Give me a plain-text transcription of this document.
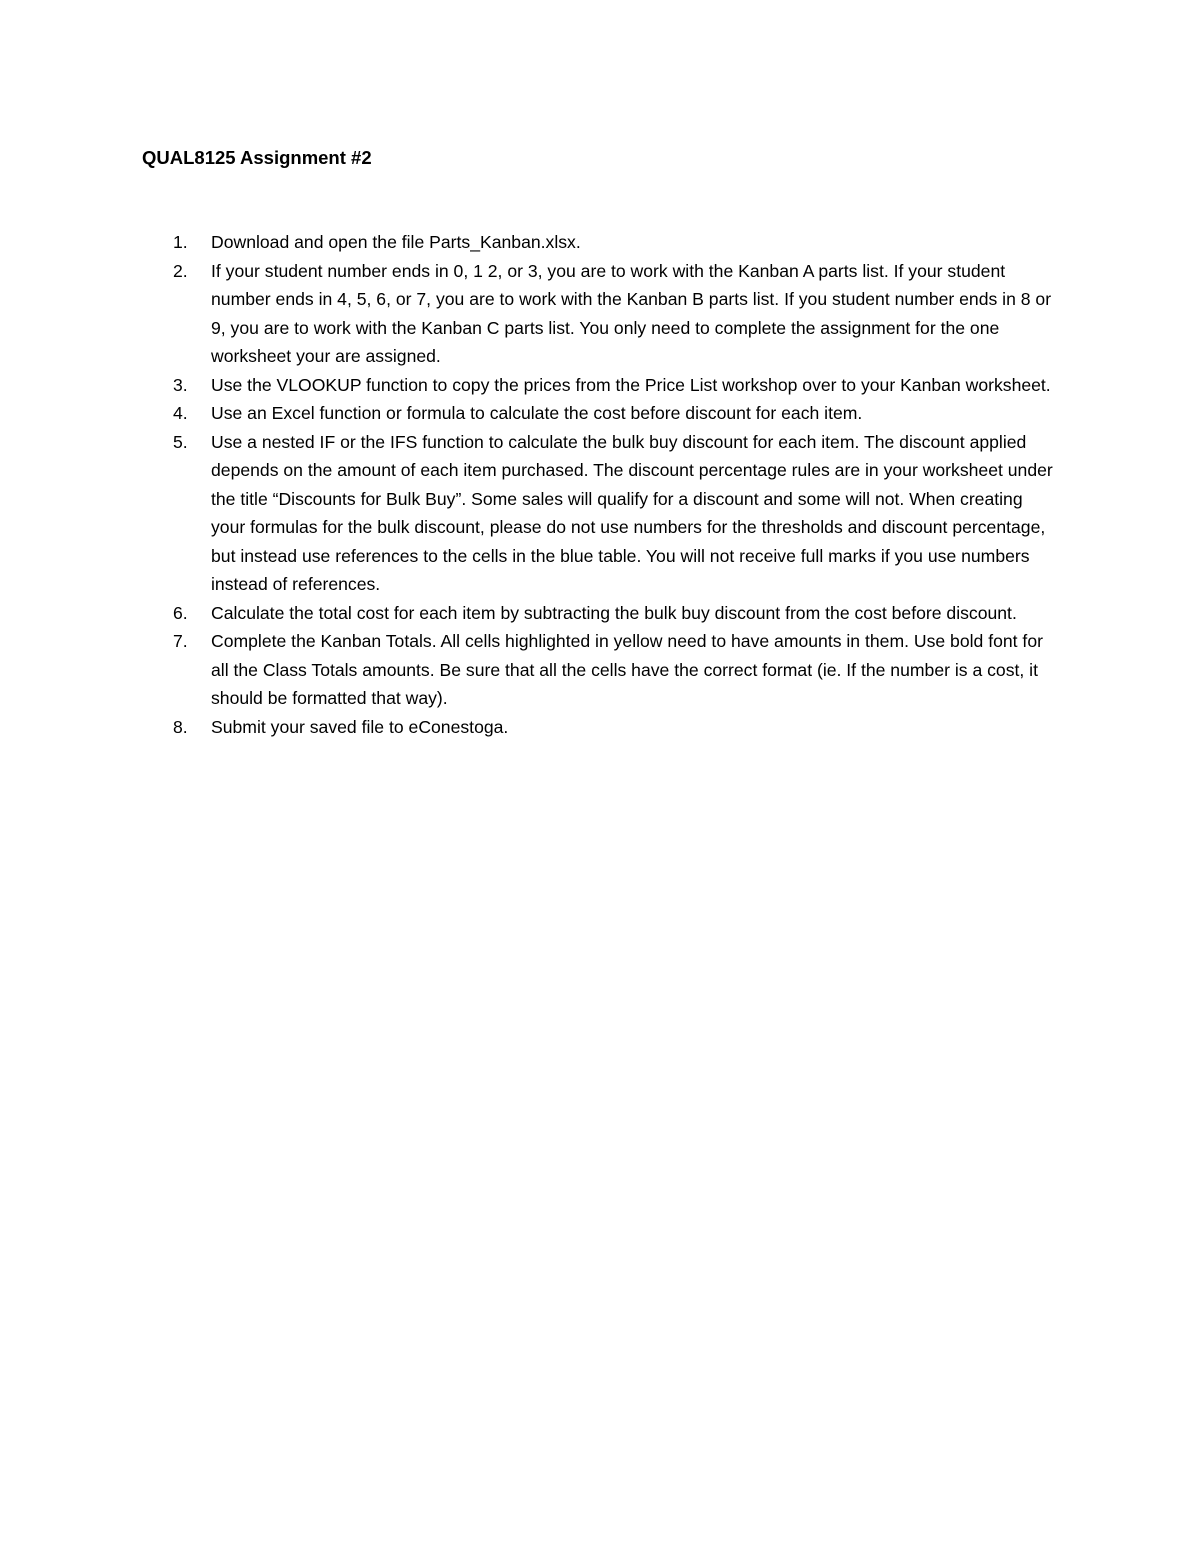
QUAL8125 Assignment #2
1. Download and open the file Parts_Kanban.xlsx.
2. If your student number ends in 0, 1 2, or 3, you are to work with the Kanban A parts list. If your student number ends in 4, 5, 6, or 7, you are to work with the Kanban B parts list. If you student number ends in 8 or 9, you are to work with the Kanban C parts list. You only need to complete the assignment for the one worksheet your are assigned.
3. Use the VLOOKUP function to copy the prices from the Price List workshop over to your Kanban worksheet.
4. Use an Excel function or formula to calculate the cost before discount for each item.
5. Use a nested IF or the IFS function to calculate the bulk buy discount for each item. The discount applied depends on the amount of each item purchased. The discount percentage rules are in your worksheet under the title “Discounts for Bulk Buy”. Some sales will qualify for a discount and some will not. When creating your formulas for the bulk discount, please do not use numbers for the thresholds and discount percentage, but instead use references to the cells in the blue table. You will not receive full marks if you use numbers instead of references.
6. Calculate the total cost for each item by subtracting the bulk buy discount from the cost before discount.
7. Complete the Kanban Totals. All cells highlighted in yellow need to have amounts in them. Use bold font for all the Class Totals amounts. Be sure that all the cells have the correct format (ie. If the number is a cost, it should be formatted that way).
8. Submit your saved file to eConestoga.
